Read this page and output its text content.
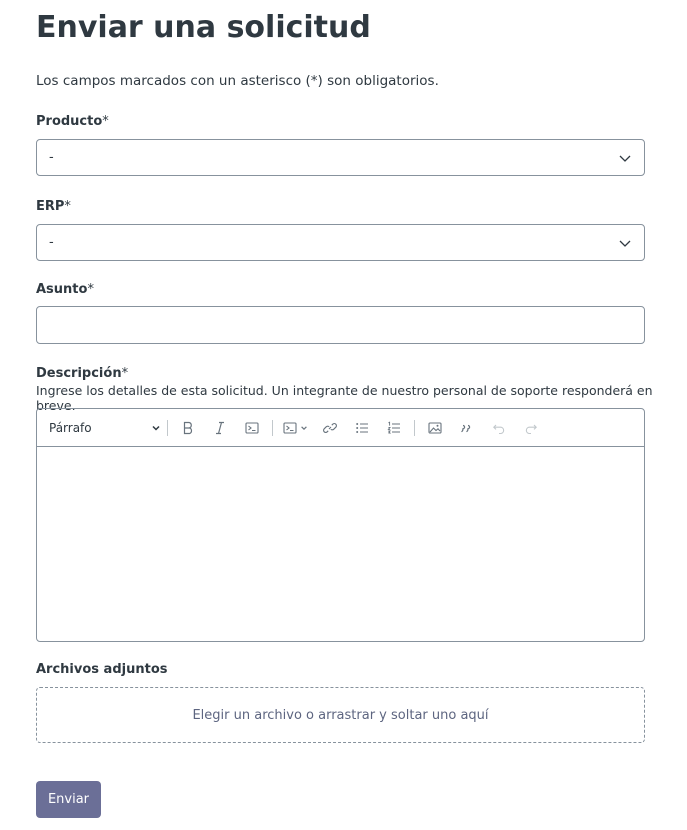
Enviar una solicitud
Los campos marcados con un asterisco (*) son obligatorios.
Producto*
-
ERP*
-
Asunto*
Descripción*
Ingrese los detalles de esta solicitud. Un integrante de nuestro personal de soporte responderá en breve.
Párrafo
Archivos adjuntos
Elegir un archivo o arrastrar y soltar uno aquí
Enviar
